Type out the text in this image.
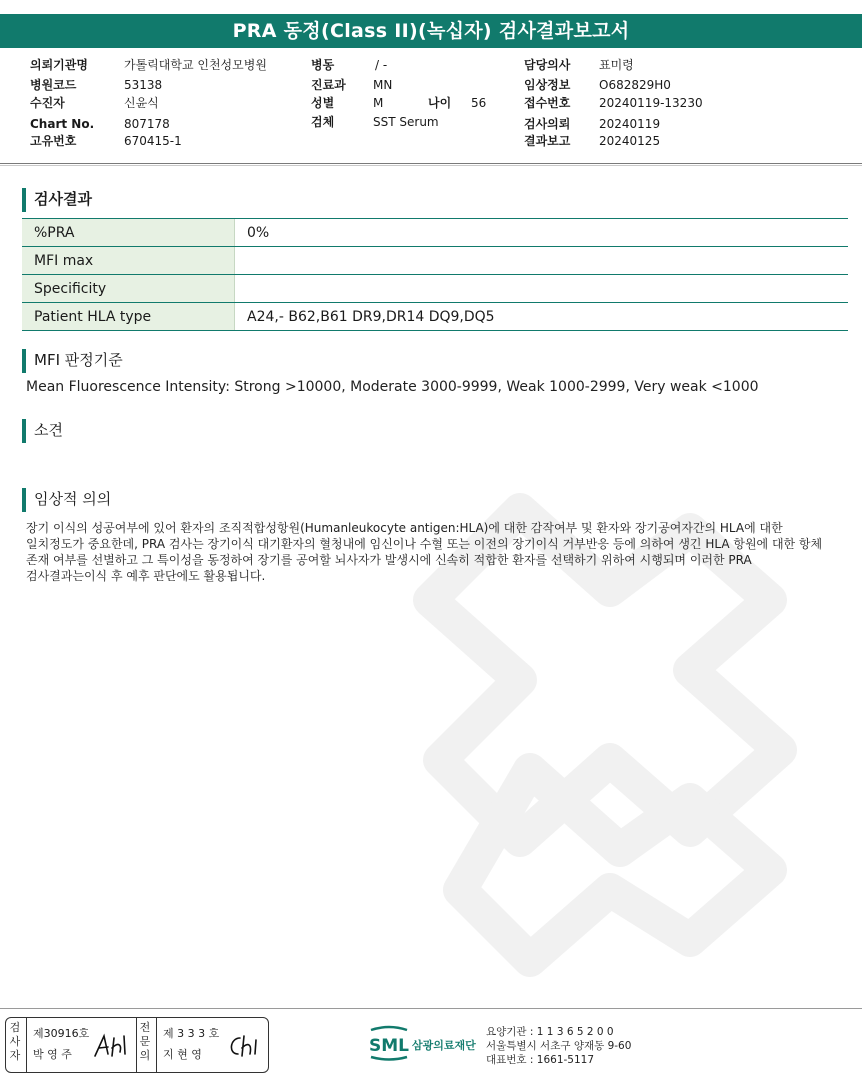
PRA 동정(Class II)(녹십자) 검사결과보고서
의뢰기관명	가톨릭대학교 인천성모병원
병원코드	53138
수진자	신윤식
Chart No. 807178
고유번호	670415-1
병동	/ -
진료과 MN
성별	M
검체	SST Serum
나이 56
담당의사 표미령
임상정보 O682829H0
접수번호 20240119-13230
검사의뢰 20240119
결과보고 20240125
검사결과
%PRA	0%
MFI max	
Specificity	
Patient HLA type	A24,- B62,B61 DR9,DR14 DQ9,DQ5
MFI 판정기준
Mean Fluorescence Intensity: Strong >10000, Moderate 3000-9999, Weak 1000-2999, Very weak <1000
소견
임상적 의의
장기 이식의 성공여부에 있어 환자의 조직적합성항원(Humanleukocyte antigen:HLA)에 대한 감작여부 및 환자와 장기공여자간의 HLA에 대한 일치정도가 중요한데, PRA 검사는 장기이식 대기환자의 혈청내에 임신이나 수혈 또는 이전의 장기이식 거부반응 등에 의하여 생긴 HLA 항원에 대한 항체 존재 여부를 선별하고 그 특이성을 동정하여 장기를 공여할 뇌사자가 발생시에 신속히 적합한 환자를 선택하기 위하여 시행되며 이러한 PRA 검사결과는이식 후 예후 판단에도 활용됩니다.
검
사
자
제30916호
박 영 주
전
문
의
제 3 3 3 호
지 현 영	SML 삼광의료재단
요양기관 : 1 1 3 6 5 2 0 0
서울특별시 서초구 양재동 9-60
대표번호 : 1661-5117
